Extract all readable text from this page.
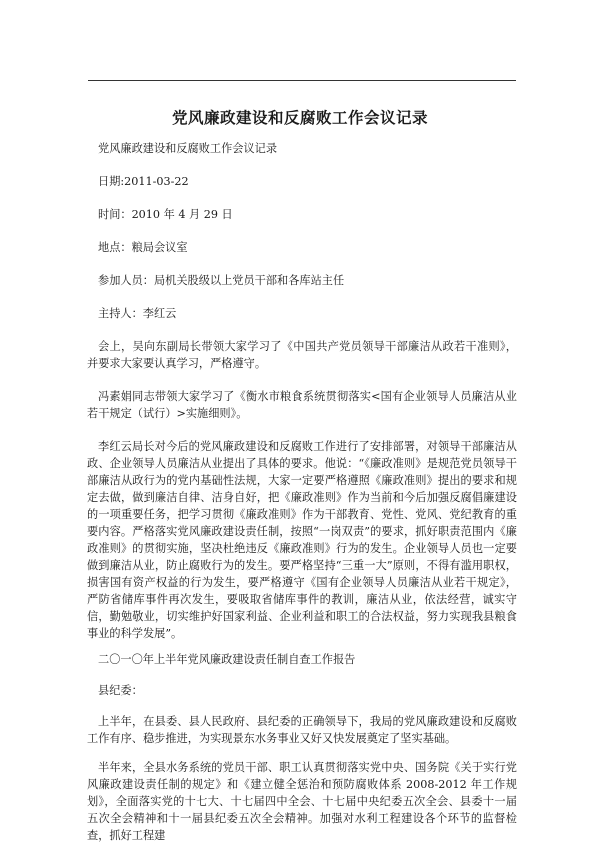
党风廉政建设和反腐败工作会议记录

党风廉政建设和反腐败工作会议记录

日期:2011-03-22

时间：2010 年 4 月 29 日

地点：粮局会议室

参加人员：局机关股级以上党员干部和各库站主任

主持人：李红云

会上，吴向东副局长带领大家学习了《中国共产党员领导干部廉洁从政若干准则》，并要求大家要认真学习，严格遵守。

冯素娟同志带领大家学习了《衡水市粮食系统贯彻落实<国有企业领导人员廉洁从业若干规定（试行）>实施细则》。

李红云局长对今后的党风廉政建设和反腐败工作进行了安排部署，对领导干部廉洁从政、企业领导人员廉洁从业提出了具体的要求。他说：“《廉政准则》是规范党员领导干部廉洁从政行为的党内基础性法规，大家一定要严格遵照《廉政准则》提出的要求和规定去做，做到廉洁自律、洁身自好，把《廉政准则》作为当前和今后加强反腐倡廉建设的一项重要任务，把学习贯彻《廉政准则》作为干部教育、党性、党风、党纪教育的重要内容。严格落实党风廉政建设责任制，按照“一岗双责”的要求，抓好职责范围内《廉政准则》的贯彻实施，坚决杜绝违反《廉政准则》行为的发生。企业领导人员也一定要做到廉洁从业，防止腐败行为的发生。要严格坚持“三重一大”原则，不得有滥用职权，损害国有资产权益的行为发生，要严格遵守《国有企业领导人员廉洁从业若干规定》，严防省储库事件再次发生，要吸取省储库事件的教训，廉洁从业，依法经营，诚实守信，勤勉敬业，切实维护好国家利益、企业利益和职工的合法权益，努力实现我县粮食事业的科学发展”。

二〇一〇年上半年党风廉政建设责任制自查工作报告

县纪委：

上半年，在县委、县人民政府、县纪委的正确领导下，我局的党风廉政建设和反腐败工作有序、稳步推进，为实现景东水务事业又好又快发展奠定了坚实基础。

半年来，全县水务系统的党员干部、职工认真贯彻落实党中央、国务院《关于实行党风廉政建设责任制的规定》和《建立健全惩治和预防腐败体系 2008-2012 年工作规划》，全面落实党的十七大、十七届四中全会、十七届中央纪委五次全会、县委十一届五次全会精神和十一届县纪委五次全会精神。加强对水利工程建设各个环节的监督检查，抓好工程建
